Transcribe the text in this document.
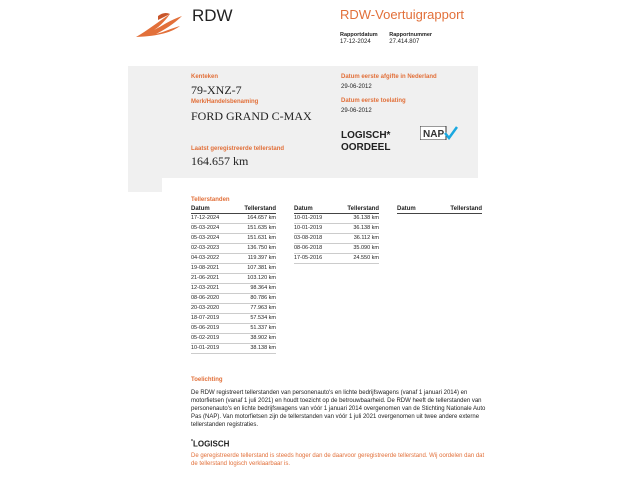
RDW	RDW-Voertuigrapport
Rapportdatum
17-12-2024

Rapportnummer
27.414.807
Kenteken
79-XNZ-7
Merk/Handelsbenaming
FORD GRAND C-MAX
Laatst geregistreerde tellerstand
164.657 km
Datum eerste afgifte in Nederland
29-06-2012
Datum eerste toelating
29-06-2012
LOGISCH*
OORDEEL
NAP
Tellerstanden
Datum	Tellerstand
17-12-2024	164.657 km
05-03-2024	151.635 km
05-03-2024	151.631 km
02-03-2023	136.750 km
04-03-2022	119.397 km
19-08-2021	107.381 km
21-06-2021	103.120 km
12-03-2021	98.364 km
08-06-2020	80.786 km
20-03-2020	77.963 km
18-07-2019	57.534 km
05-06-2019	51.337 km
05-02-2019	38.902 km
10-01-2019	38.138 km
Datum	Tellerstand
10-01-2019	36.138 km
10-01-2019	36.138 km
03-08-2018	36.112 km
08-06-2018	35.090 km
17-05-2016	24.550 km
Datum	Tellerstand
Toelichting
De RDW registreert tellerstanden van personenauto's en lichte bedrijfswagens (vanaf 1 januari 2014) en motorfietsen (vanaf 1 juli 2021) en houdt toezicht op de betrouwbaarheid. De RDW heeft de tellerstanden van personenauto's en lichte bedrijfswagens van vóór 1 januari 2014 overgenomen van de Stichting Nationale Auto Pas (NAP). Van motorfietsen zijn de tellerstanden van vóór 1 juli 2021 overgenomen uit twee andere externe tellerstanden registraties.
*LOGISCH
De geregistreerde tellerstand is steeds hoger dan de daarvoor geregistreerde tellerstand. Wij oordelen dan dat de tellerstand logisch verklaarbaar is.
